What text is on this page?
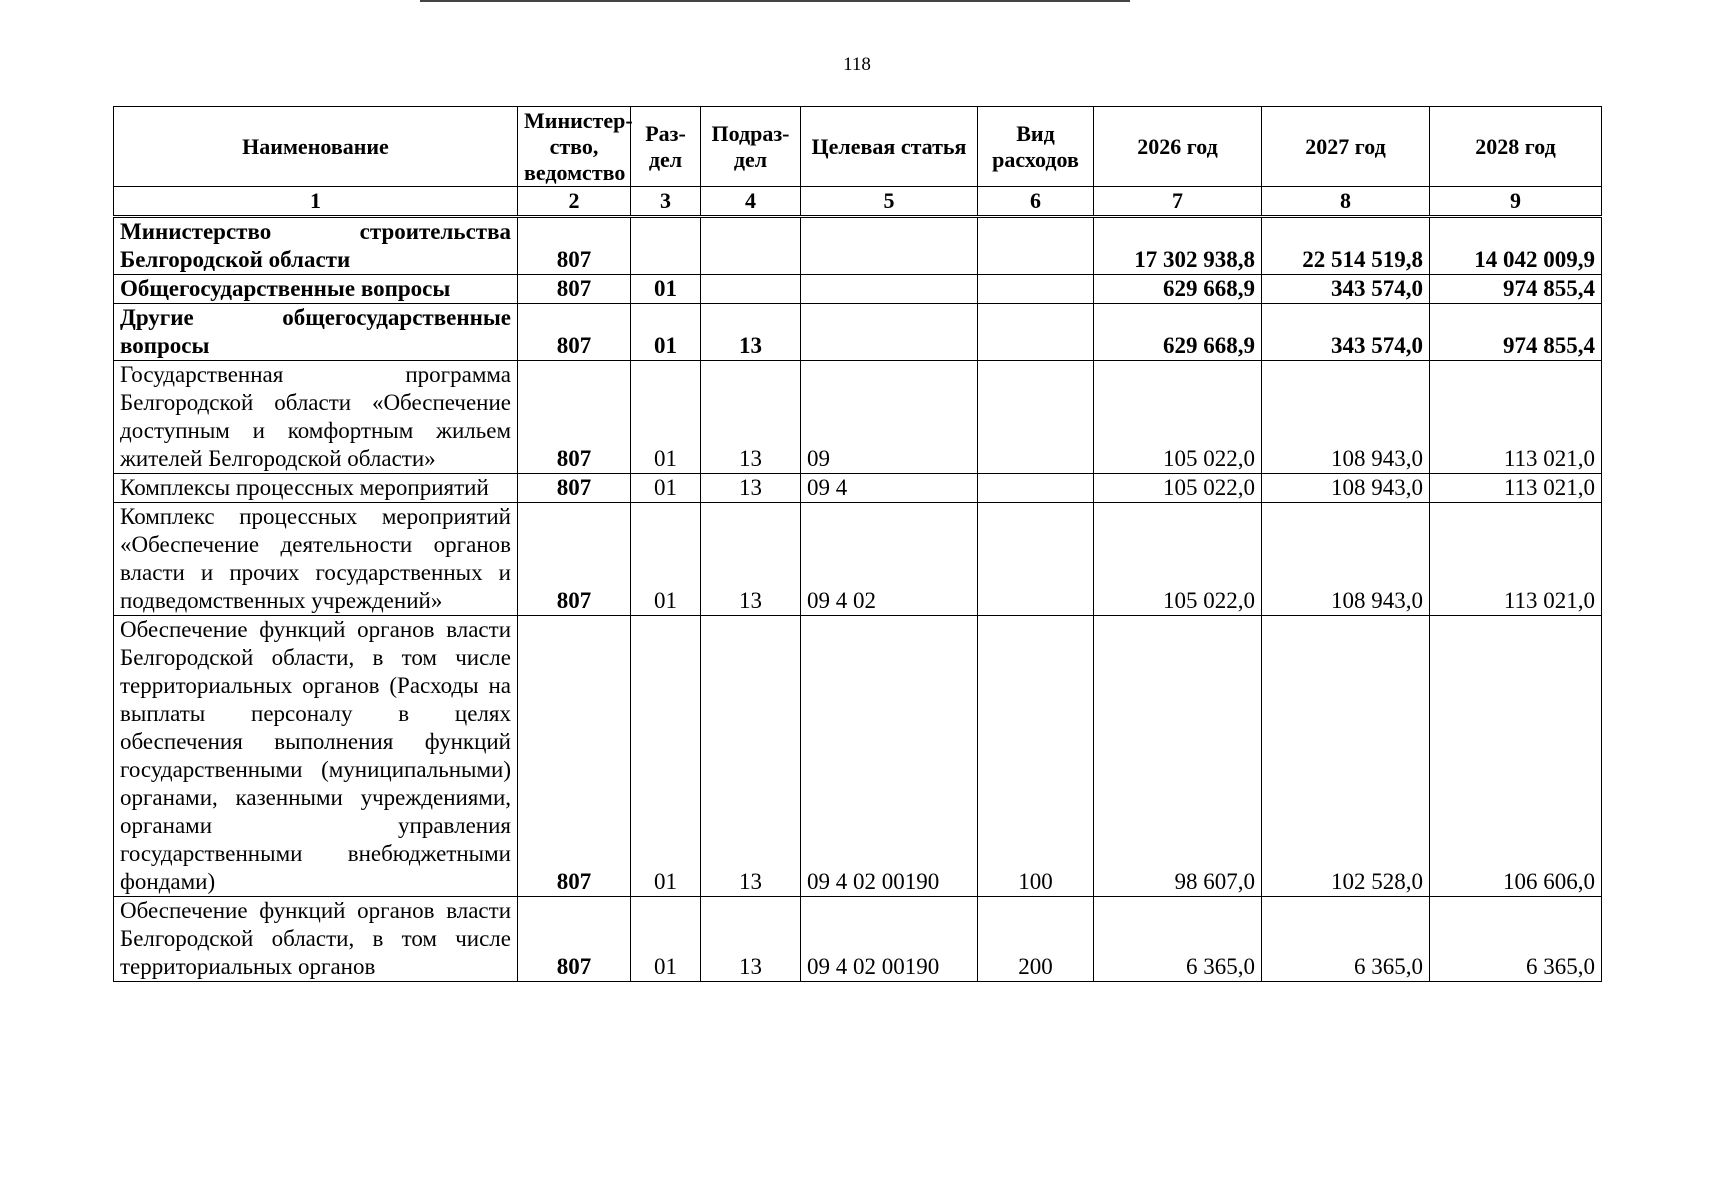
118
Наименование	Министер-ство, ведомство	Раз-дел	Подраз-дел	Целевая статья	Вид расходов	2026 год	2027 год	2028 год
1	2	3	4	5	6	7	8	9
Министерство строительства Белгородской области	807					17 302 938,8	22 514 519,8	14 042 009,9
Общегосударственные вопросы	807	01				629 668,9	343 574,0	974 855,4
Другие общегосударственные вопросы	807	01	13			629 668,9	343 574,0	974 855,4
Государственная программа Белгородской области «Обеспечение доступным и комфортным жильем жителей Белгородской области»	807	01	13	09		105 022,0	108 943,0	113 021,0
Комплексы процессных мероприятий	807	01	13	09 4		105 022,0	108 943,0	113 021,0
Комплекс процессных мероприятий «Обеспечение деятельности органов власти и прочих государственных и подведомственных учреждений»	807	01	13	09 4 02		105 022,0	108 943,0	113 021,0
Обеспечение функций органов власти Белгородской области, в том числе территориальных органов (Расходы на выплаты персоналу в целях обеспечения выполнения функций государственными (муниципальными) органами, казенными учреждениями, органами управления государственными внебюджетными фондами)	807	01	13	09 4 02 00190	100	98 607,0	102 528,0	106 606,0
Обеспечение функций органов власти Белгородской области, в том числе территориальных органов	807	01	13	09 4 02 00190	200	6 365,0	6 365,0	6 365,0
